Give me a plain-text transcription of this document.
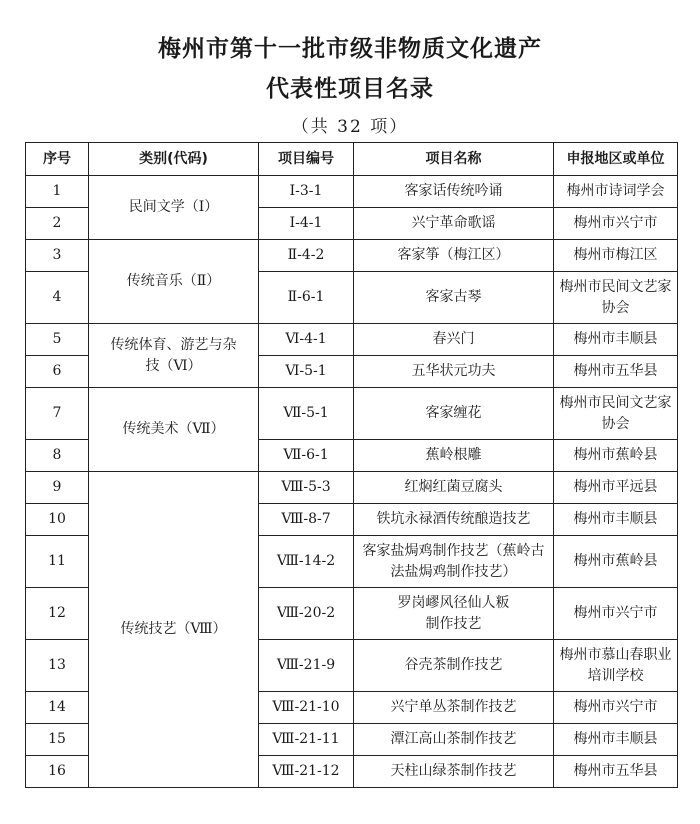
梅州市第十一批市级非物质文化遗产
代表性项目名录
（共 32 项）
序号	类别(代码)	项目编号	项目名称	申报地区或单位
1	民间文学（Ⅰ）	Ⅰ-3-1	客家话传统吟诵	梅州市诗词学会
2		Ⅰ-4-1	兴宁革命歌谣	梅州市兴宁市
3	传统音乐（Ⅱ）	Ⅱ-4-2	客家筝（梅江区）	梅州市梅江区
4		Ⅱ-6-1	客家古琴	梅州市民间文艺家协会
5	传统体育、游艺与杂技（Ⅵ）	Ⅵ-4-1	春兴门	梅州市丰顺县
6		Ⅵ-5-1	五华状元功夫	梅州市五华县
7	传统美术（Ⅶ）	Ⅶ-5-1	客家缠花	梅州市民间文艺家协会
8		Ⅶ-6-1	蕉岭根雕	梅州市蕉岭县
9	传统技艺（Ⅷ）	Ⅷ-5-3	红焖红菌豆腐头	梅州市平远县
10		Ⅷ-8-7	铁坑永禄酒传统酿造技艺	梅州市丰顺县
11		Ⅷ-14-2	客家盐焗鸡制作技艺（蕉岭古法盐焗鸡制作技艺）	梅州市蕉岭县
12		Ⅷ-20-2	罗岗嵺风径仙人粄制作技艺	梅州市兴宁市
13		Ⅷ-21-9	谷壳茶制作技艺	梅州市慕山春职业培训学校
14		Ⅷ-21-10	兴宁单丛茶制作技艺	梅州市兴宁市
15		Ⅷ-21-11	潭江高山茶制作技艺	梅州市丰顺县
16		Ⅷ-21-12	天柱山绿茶制作技艺	梅州市五华县
